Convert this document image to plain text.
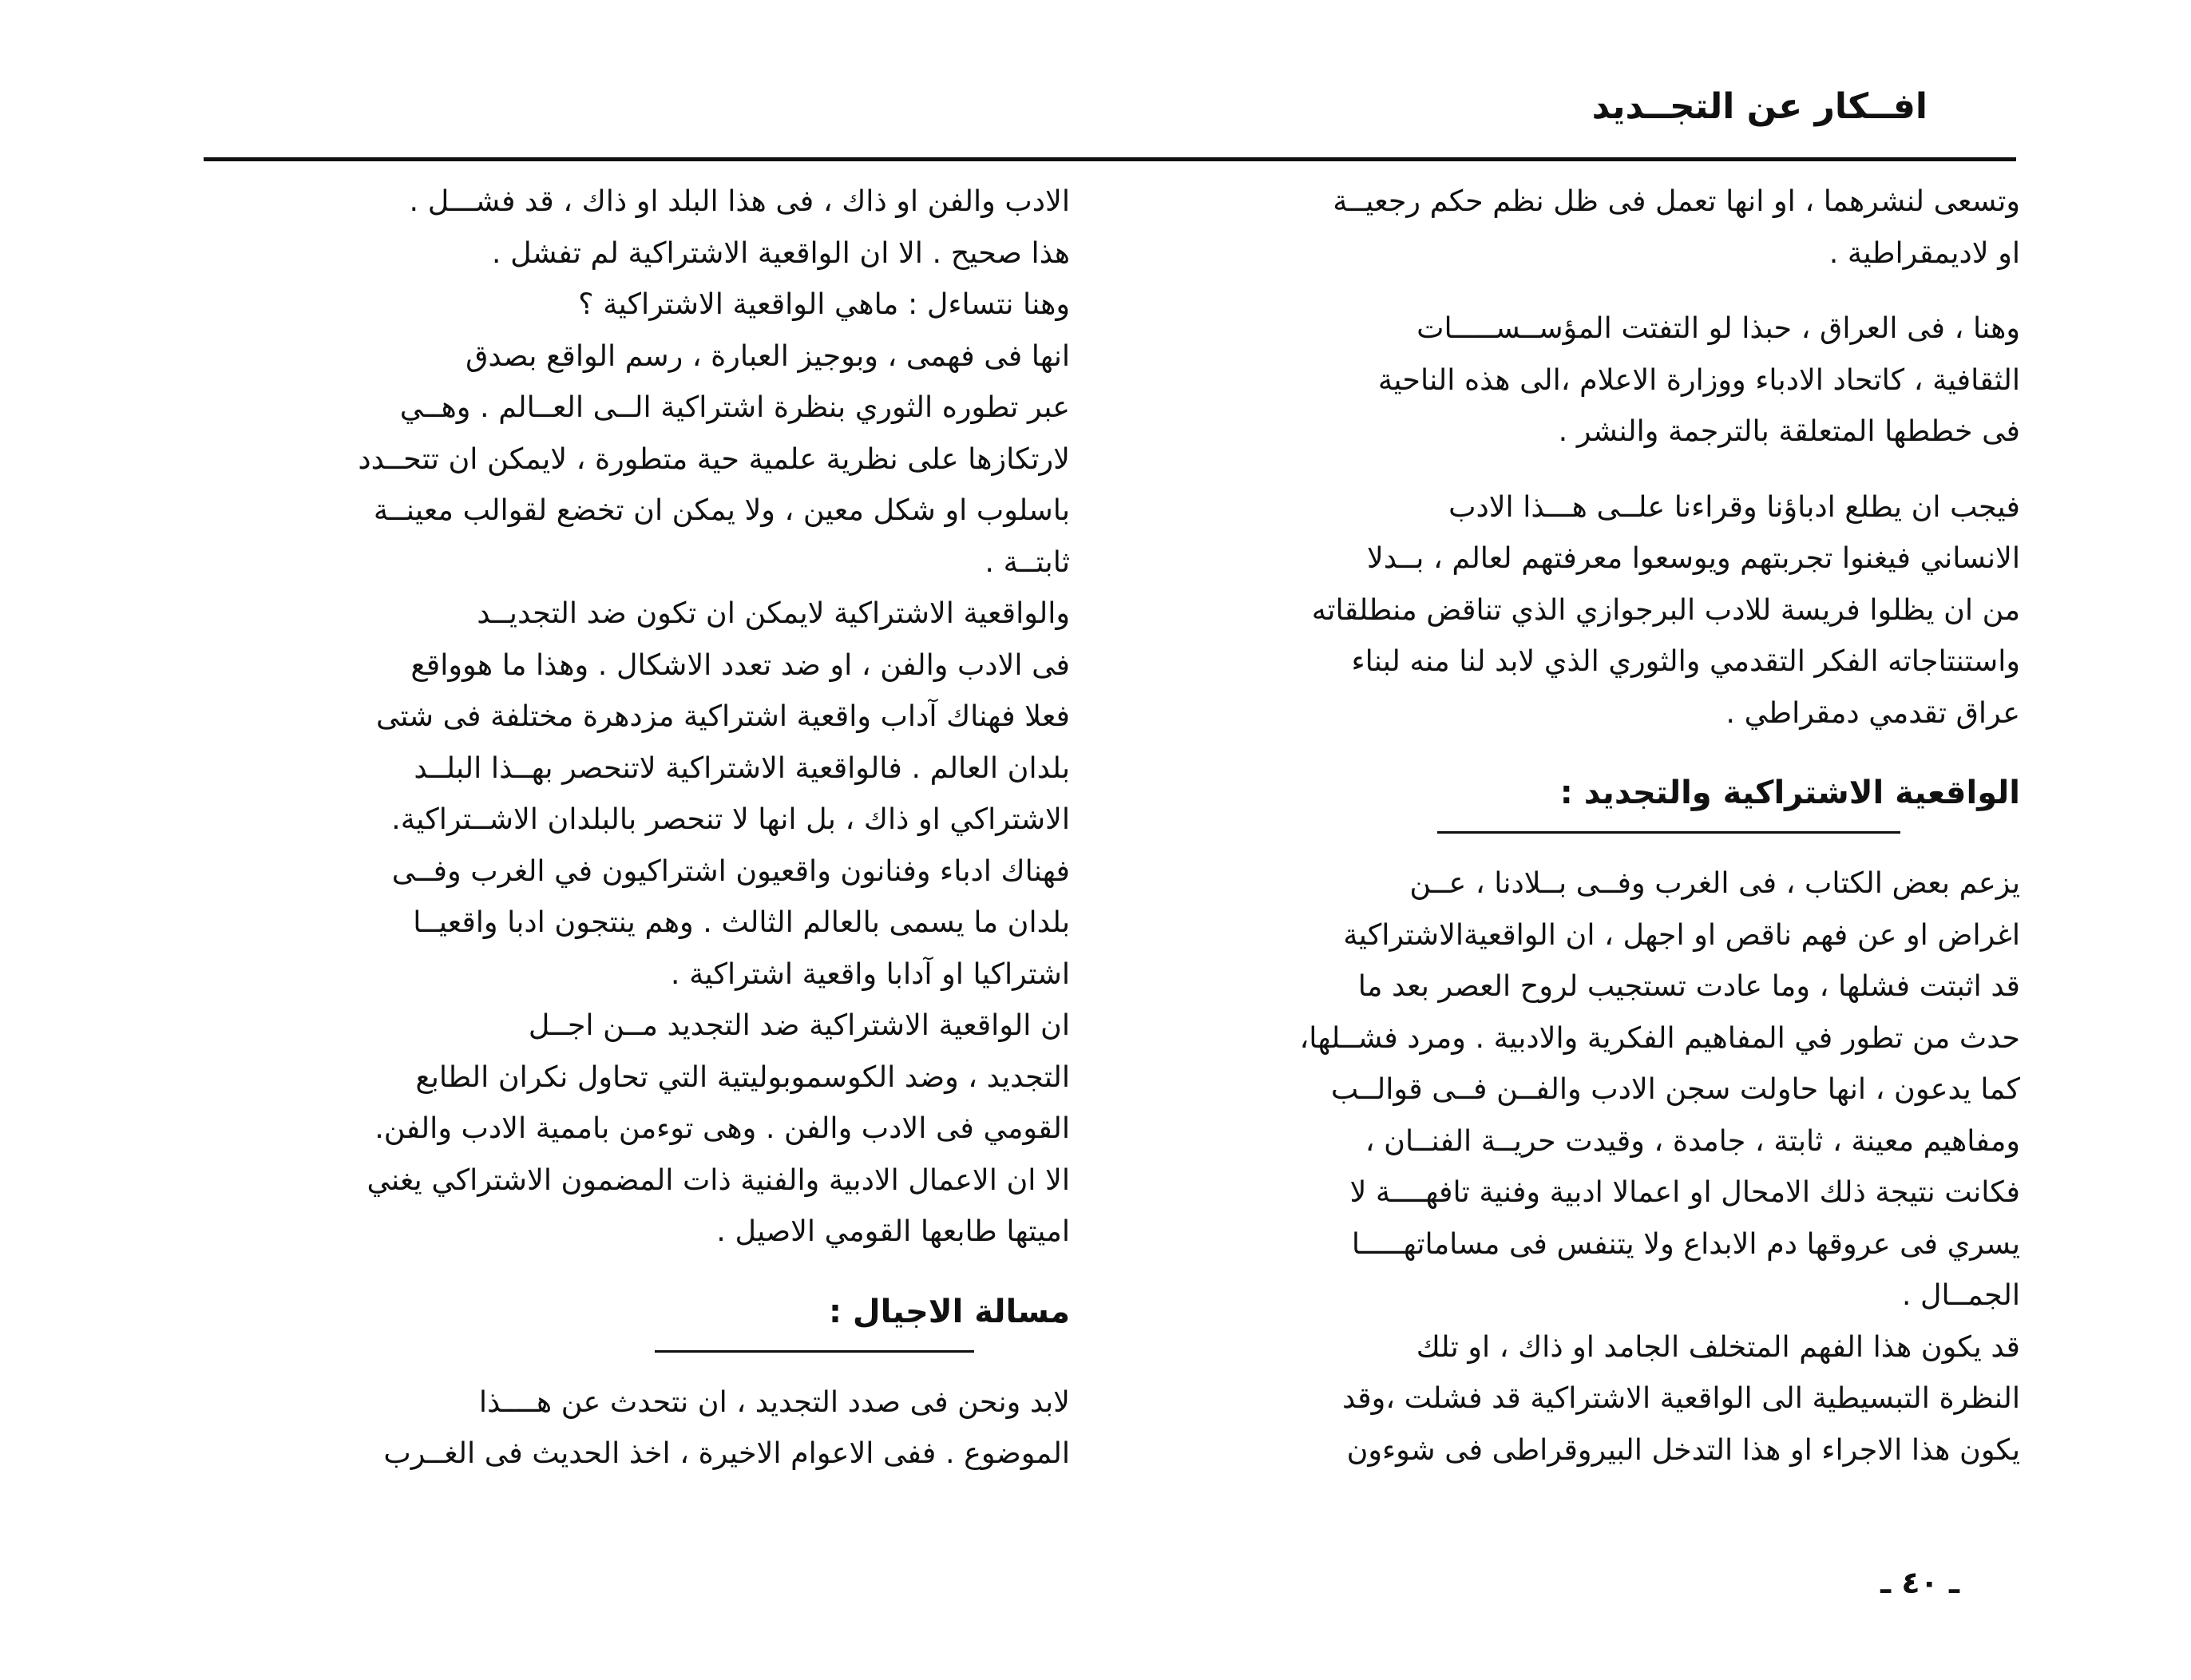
افــكار عن التجــديد
وتسعى لنشرهما ، او انها تعمل فى ظل نظم حكم رجعيــة
او لاديمقراطية .
وهنا ، فى العراق ، حبذا لو التفتت المؤســســـــات
الثقافية ، كاتحاد الادباء ووزارة الاعلام ،الى هذه الناحية
فى خططها المتعلقة بالترجمة والنشر .
فيجب ان يطلع ادباؤنا وقراءنا علــى هـــذا الادب
الانساني فيغنوا تجربتهم ويوسعوا معرفتهم لعالم ، بــدلا
من ان يظلوا فريسة للادب البرجوازي الذي تناقض منطلقاته
واستنتاجاته الفكر التقدمي والثوري الذي لابد لنا منه لبناء
عراق تقدمي دمقراطي .
الواقعية الاشتراكية والتجديد :
يزعم بعض الكتاب ، فى الغرب وفــى بــلادنا ، عــن
اغراض او عن فهم ناقص او اجهل ، ان الواقعيةالاشتراكية
قد اثبتت فشلها ، وما عادت تستجيب لروح العصر بعد ما
حدث من تطور في المفاهيم الفكرية والادبية . ومرد فشــلها،
كما يدعون ، انها حاولت سجن الادب والفــن فــى قوالــب
ومفاهيم معينة ، ثابتة ، جامدة ، وقيدت حريــة الفنــان ،
فكانت نتيجة ذلك الامحال او اعمالا ادبية وفنية تافهــــة لا
يسري فى عروقها دم الابداع ولا يتنفس فى مساماتهـــــا
الجمــال .
قد يكون هذا الفهم المتخلف الجامد او ذاك ، او تلك
النظرة التبسيطية الى الواقعية الاشتراكية قد فشلت ،وقد
يكون هذا الاجراء او هذا التدخل البيروقراطى فى شوءون
الادب والفن او ذاك ، فى هذا البلد او ذاك ، قد فشـــل .
هذا صحيح . الا ان الواقعية الاشتراكية لم تفشل .
وهنا نتساءل : ماهي الواقعية الاشتراكية ؟
انها فى فهمى ، وبوجيز العبارة ، رسم الواقع بصدق
عبر تطوره الثوري بنظرة اشتراكية الــى العــالم . وهــي
لارتكازها على نظرية علمية حية متطورة ، لايمكن ان تتحــدد
باسلوب او شكل معين ، ولا يمكن ان تخضع لقوالب معينــة
ثابتــة .
والواقعية الاشتراكية لايمكن ان تكون ضد التجديــد
فى الادب والفن ، او ضد تعدد الاشكال . وهذا ما هوواقع
فعلا فهناك آداب واقعية اشتراكية مزدهرة مختلفة فى شتى
بلدان العالم . فالواقعية الاشتراكية لاتنحصر بهــذا البلــد
الاشتراكي او ذاك ، بل انها لا تنحصر بالبلدان الاشــتراكية.
فهناك ادباء وفنانون واقعيون اشتراكيون في الغرب وفــى
بلدان ما يسمى بالعالم الثالث . وهم ينتجون ادبا واقعيــا
اشتراكيا او آدابا واقعية اشتراكية .
ان الواقعية الاشتراكية ضد التجديد مــن اجــل
التجديد ، وضد الكوسموبوليتية التي تحاول نكران الطابع
القومي فى الادب والفن . وهى توءمن باممية الادب والفن.
الا ان الاعمال الادبية والفنية ذات المضمون الاشتراكي يغني
اميتها طابعها القومي الاصيل .
مسالة الاجيال :
لابد ونحن فى صدد التجديد ، ان نتحدث عن هــــذا
الموضوع . ففى الاعوام الاخيرة ، اخذ الحديث فى الغــرب
ـ ٤٠ ـ
